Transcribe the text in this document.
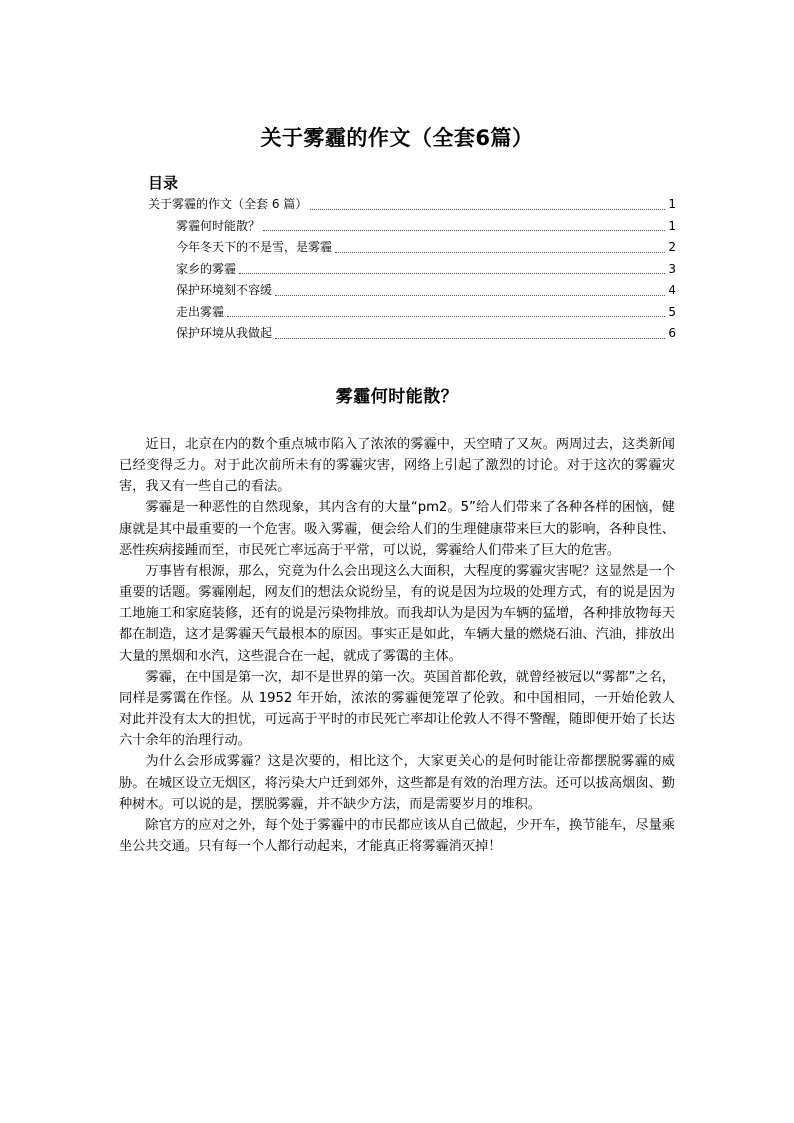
关于雾霾的作文（全套6篇）
目录
关于雾霾的作文（全套 6 篇）	1
雾霾何时能散？	1
今年冬天下的不是雪，是雾霾	2
家乡的雾霾	3
保护环境刻不容缓	4
走出雾霾	5
保护环境从我做起	6
雾霾何时能散？

近日，北京在内的数个重点城市陷入了浓浓的雾霾中，天空晴了又灰。两周过去，这类新闻已经变得乏力。对于此次前所未有的雾霾灾害，网络上引起了激烈的讨论。对于这次的雾霾灾害，我又有一些自己的看法。

雾霾是一种恶性的自然现象，其内含有的大量“pm2。5”给人们带来了各种各样的困恼，健康就是其中最重要的一个危害。吸入雾霾，便会给人们的生理健康带来巨大的影响，各种良性、恶性疾病接踵而至，市民死亡率远高于平常，可以说，雾霾给人们带来了巨大的危害。

万事皆有根源，那么，究竟为什么会出现这么大面积，大程度的雾霾灾害呢？这显然是一个重要的话题。雾霾刚起，网友们的想法众说纷呈，有的说是因为垃圾的处理方式，有的说是因为工地施工和家庭装修，还有的说是污染物排放。而我却认为是因为车辆的猛增，各种排放物每天都在制造，这才是雾霾天气最根本的原因。事实正是如此，车辆大量的燃烧石油、汽油，排放出大量的黑烟和水汽，这些混合在一起，就成了雾霭的主体。

雾霾，在中国是第一次，却不是世界的第一次。英国首都伦敦，就曾经被冠以“雾都”之名，同样是雾霭在作怪。从 1952 年开始，浓浓的雾霾便笼罩了伦敦。和中国相同，一开始伦敦人对此并没有太大的担忧，可远高于平时的市民死亡率却让伦敦人不得不警醒，随即便开始了长达六十余年的治理行动。

为什么会形成雾霾？这是次要的，相比这个，大家更关心的是何时能让帝都摆脱雾霾的威胁。在城区设立无烟区，将污染大户迁到郊外，这些都是有效的治理方法。还可以拔高烟囱、勤种树木。可以说的是，摆脱雾霾，并不缺少方法，而是需要岁月的堆积。

除官方的应对之外，每个处于雾霾中的市民都应该从自己做起，少开车，换节能车，尽量乘坐公共交通。只有每一个人都行动起来，才能真正将雾霾消灭掉！
